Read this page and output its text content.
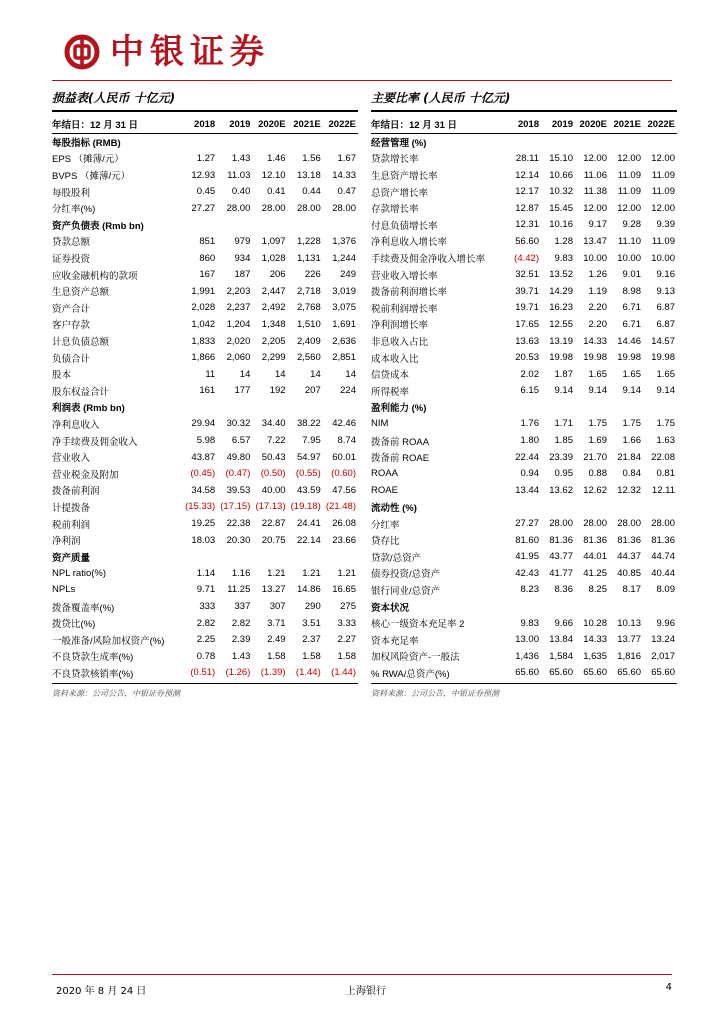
中银证券
损益表(人民币 十亿元)
年结日：12 月 31 日	2018	2019	2020E	2021E	2022E
每股指标 (RMB)					
EPS （摊薄/元）	1.27	1.43	1.46	1.56	1.67
BVPS （摊薄/元）	12.93	11.03	12.10	13.18	14.33
每股股利	0.45	0.40	0.41	0.44	0.47
分红率(%)	27.27	28.00	28.00	28.00	28.00
资产负债表 (Rmb bn)					
贷款总额	851	979	1,097	1,228	1,376
证券投资	860	934	1,028	1,131	1,244
应收金融机构的款项	167	187	206	226	249
生息资产总额	1,991	2,203	2,447	2,718	3,019
资产合计	2,028	2,237	2,492	2,768	3,075
客户存款	1,042	1,204	1,348	1,510	1,691
计息负债总额	1,833	2,020	2,205	2,409	2,636
负债合计	1,866	2,060	2,299	2,560	2,851
股本	11	14	14	14	14
股东权益合计	161	177	192	207	224
利润表 (Rmb bn)					
净利息收入	29.94	30.32	34.40	38.22	42.46
净手续费及佣金收入	5.98	6.57	7.22	7.95	8.74
营业收入	43.87	49.80	50.43	54.97	60.01
营业税金及附加	(0.45)	(0.47)	(0.50)	(0.55)	(0.60)
拨备前利润	34.58	39.53	40.00	43.59	47.56
计提拨备	(15.33)	(17.15)	(17.13)	(19.18)	(21.48)
税前利润	19.25	22.38	22.87	24.41	26.08
净利润	18.03	20.30	20.75	22.14	23.66
资产质量					
NPL ratio(%)	1.14	1.16	1.21	1.21	1.21
NPLs	9.71	11.25	13.27	14.86	16.65
拨备覆盖率(%)	333	337	307	290	275
拨贷比(%)	2.82	2.82	3.71	3.51	3.33
一般准备/风险加权资产(%)	2.25	2.39	2.49	2.37	2.27
不良贷款生成率(%)	0.78	1.43	1.58	1.58	1.58
不良贷款核销率(%)	(0.51)	(1.26)	(1.39)	(1.44)	(1.44)
资料来源：公司公告，中银证券预测
主要比率 (人民币 十亿元)
年结日：12 月 31 日	2018	2019	2020E	2021E	2022E
经营管理 (%)					
贷款增长率	28.11	15.10	12.00	12.00	12.00
生息资产增长率	12.14	10.66	11.06	11.09	11.09
总资产增长率	12.17	10.32	11.38	11.09	11.09
存款增长率	12.87	15.45	12.00	12.00	12.00
付息负债增长率	12.31	10.16	9.17	9.28	9.39
净利息收入增长率	56.60	1.28	13.47	11.10	11.09
手续费及佣金净收入增长率	(4.42)	9.83	10.00	10.00	10.00
营业收入增长率	32.51	13.52	1.26	9.01	9.16
拨备前利润增长率	39.71	14.29	1.19	8.98	9.13
税前利润增长率	19.71	16.23	2.20	6.71	6.87
净利润增长率	17.65	12.55	2.20	6.71	6.87
非息收入占比	13.63	13.19	14.33	14.46	14.57
成本收入比	20.53	19.98	19.98	19.98	19.98
信贷成本	2.02	1.87	1.65	1.65	1.65
所得税率	6.15	9.14	9.14	9.14	9.14
盈利能力 (%)					
NIM	1.76	1.71	1.75	1.75	1.75
拨备前 ROAA	1.80	1.85	1.69	1.66	1.63
拨备前 ROAE	22.44	23.39	21.70	21.84	22.08
ROAA	0.94	0.95	0.88	0.84	0.81
ROAE	13.44	13.62	12.62	12.32	12.11
流动性 (%)					
分红率	27.27	28.00	28.00	28.00	28.00
贷存比	81.60	81.36	81.36	81.36	81.36
贷款/总资产	41.95	43.77	44.01	44.37	44.74
债券投资/总资产	42.43	41.77	41.25	40.85	40.44
银行同业/总资产	8.23	8.36	8.25	8.17	8.09
资本状况					
核心一级资本充足率 2	9.83	9.66	10.28	10.13	9.96
资本充足率	13.00	13.84	14.33	13.77	13.24
加权风险资产-一般法	1,436	1,584	1,635	1,816	2,017
% RWA/总资产(%)	65.60	65.60	65.60	65.60	65.60
资料来源：公司公告，中银证券预测
2020 年 8 月 24 日	上海银行	4
